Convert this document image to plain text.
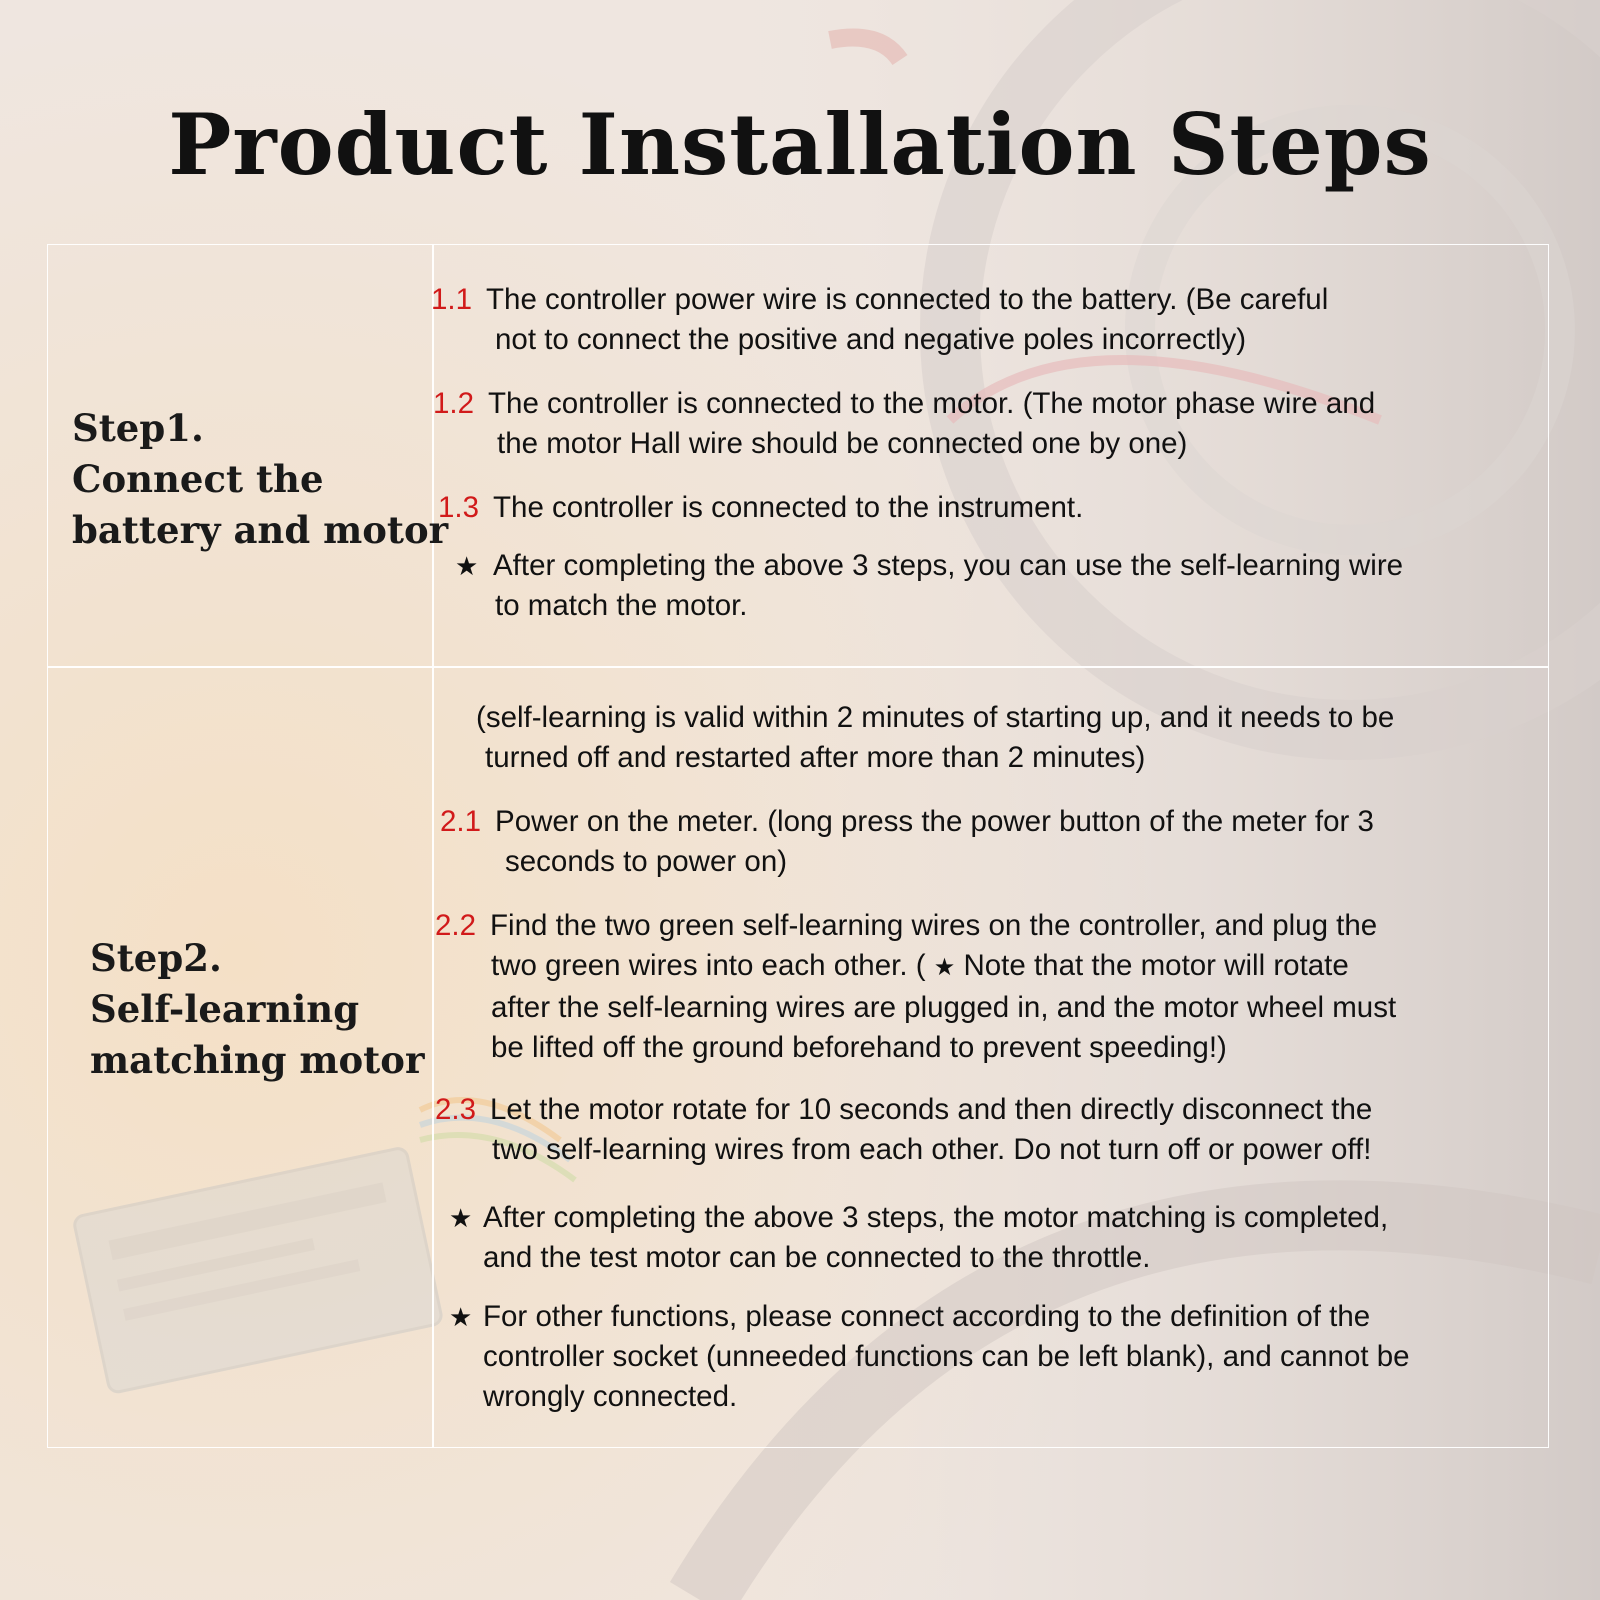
Product Installation Steps
Step1.
Connect the
battery and motor
1.1 The controller power wire is connected to the battery. (Be careful
not to connect the positive and negative poles incorrectly)
1.2 The controller is connected to the motor. (The motor phase wire and
the motor Hall wire should be connected one by one)
1.3 The controller is connected to the instrument.
★ After completing the above 3 steps, you can use the self-learning wire
to match the motor.
Step2.
Self-learning
matching motor
(self-learning is valid within 2 minutes of starting up, and it needs to be
turned off and restarted after more than 2 minutes)
2.1 Power on the meter. (long press the power button of the meter for 3
seconds to power on)
2.2 Find the two green self-learning wires on the controller, and plug the
two green wires into each other. ( ★ Note that the motor will rotate
after the self-learning wires are plugged in, and the motor wheel must
be lifted off the ground beforehand to prevent speeding!)
2.3 Let the motor rotate for 10 seconds and then directly disconnect the
two self-learning wires from each other. Do not turn off or power off!
★ After completing the above 3 steps, the motor matching is completed,
and the test motor can be connected to the throttle.
★ For other functions, please connect according to the definition of the
controller socket (unneeded functions can be left blank), and cannot be
wrongly connected.
